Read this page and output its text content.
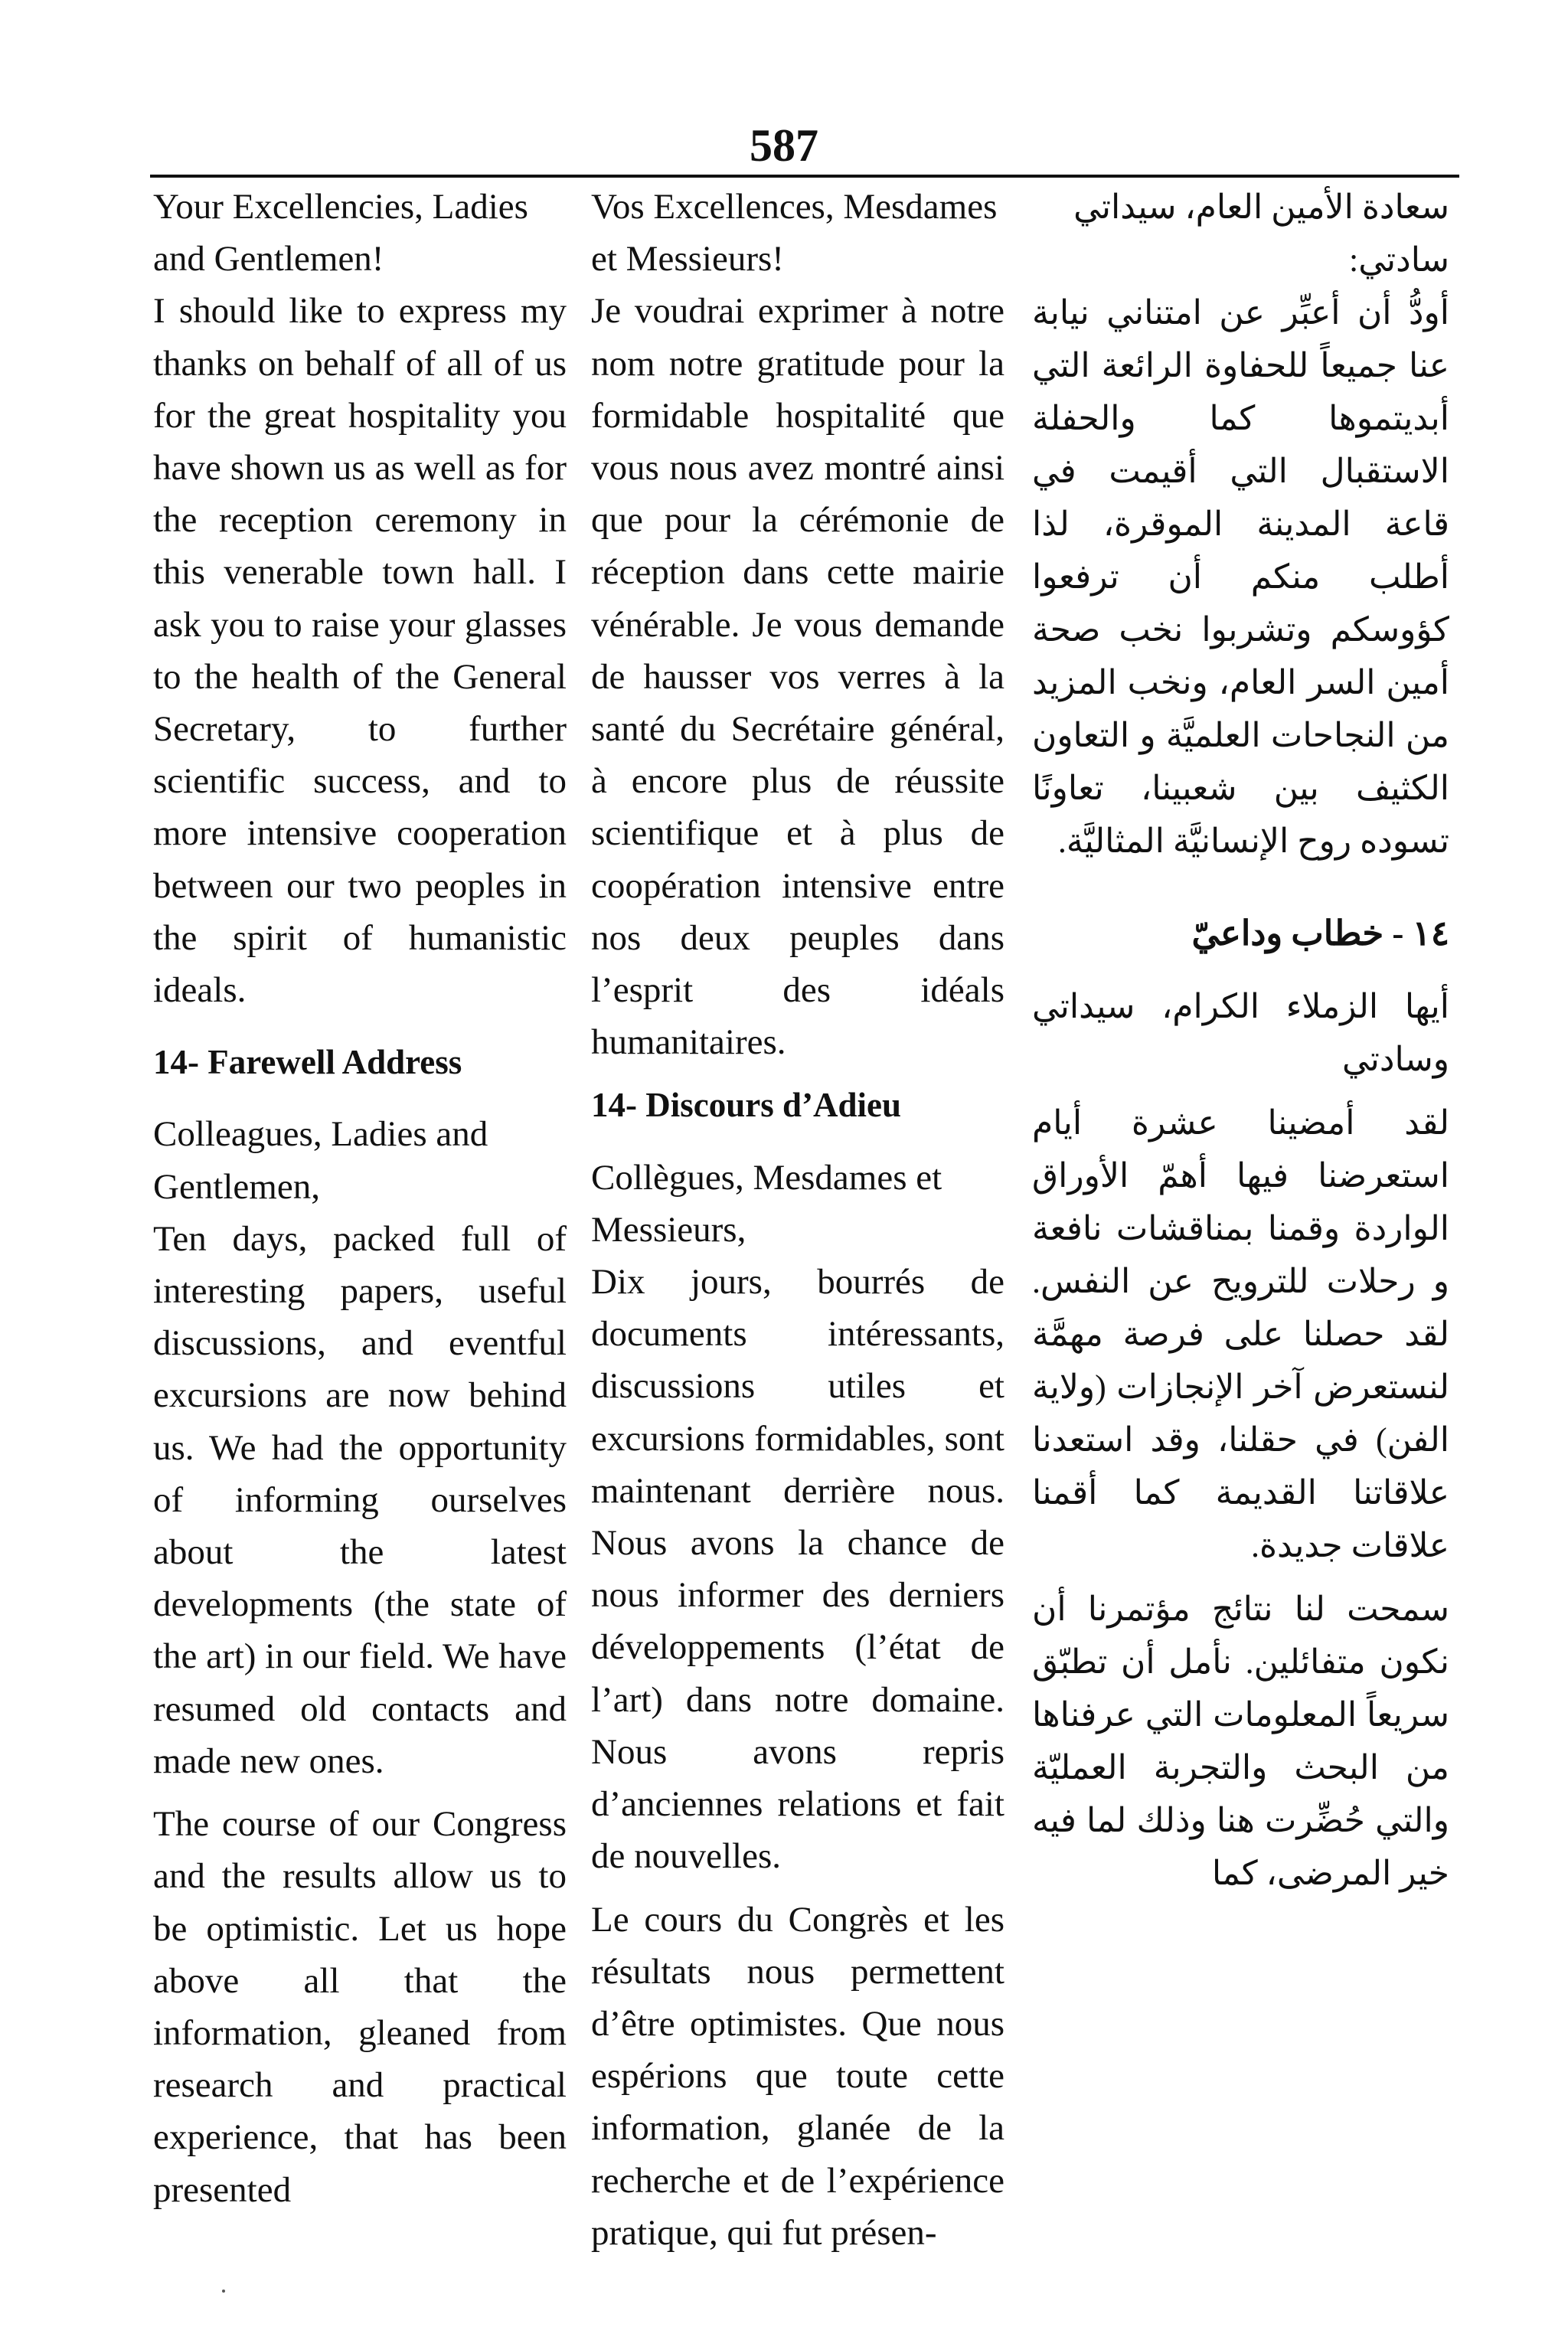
587

Your Excellencies, Ladies and Gentlemen!

I should like to express my thanks on behalf of all of us for the great hospitality you have shown us as well as for the reception ceremony in this venerable town hall. I ask you to raise your glasses to the health of the General Secretary, to further scientific success, and to more intensive cooperation between our two peoples in the spirit of humanistic ideals.

14- Farewell Address

Colleagues, Ladies and Gentlemen,

Ten days, packed full of interesting papers, useful discussions, and eventful excursions are now behind us. We had the opportunity of informing ourselves about the latest developments (the state of the art) in our field. We have resumed old contacts and made new ones.

The course of our Congress and the results allow us to be optimistic. Let us hope above all that the information, gleaned from research and practical experience, that has been presented

Vos Excellences, Mesdames et Messieurs!

Je voudrai exprimer à notre nom notre gratitude pour la formidable hospitalité que vous nous avez montré ainsi que pour la cérémonie de réception dans cette mairie vénérable. Je vous demande de hausser vos verres à la santé du Secrétaire général, à encore plus de réussite scientifique et à plus de coopération intensive entre nos deux peuples dans l’esprit des idéals humanitaires.

14- Discours d’Adieu

Collègues, Mesdames et Messieurs,

Dix jours, bourrés de documents intéressants, discussions utiles et excursions formidables, sont maintenant derrière nous. Nous avons la chance de nous informer des derniers développements (l’état de l’art) dans notre domaine. Nous avons repris d’anciennes relations et fait de nouvelles.

Le cours du Congrès et les résultats nous permettent d’être optimistes. Que nous espérions que toute cette information, glanée de la recherche et de l’expérience pratique, qui fut présen-

سعادة الأمين العام، سيداتي سادتي:

أودُّ أن أعبِّر عن امتناني نيابة عنا جميعاً للحفاوة الرائعة التي أبديتموها كما والحفلة الاستقبال التي أقيمت في قاعة المدينة الموقرة، لذا أطلب منكم أن ترفعوا كؤوسكم وتشربوا نخب صحة أمين السر العام، ونخب المزيد من النجاحات العلميَّة و التعاون الكثيف بين شعبينا، تعاونًا تسوده روح الإنسانيَّة المثاليَّة.

١٤ - خطاب وداعيّ

أيها الزملاء الكرام، سيداتي وسادتي

لقد أمضينا عشرة أيام استعرضنا فيها أهمّ الأوراق الواردة وقمنا بمناقشات نافعة و رحلات للترويح عن النفس. لقد حصلنا على فرصة مهمَّة لنستعرض آخر الإنجازات (ولاية الفن) في حقلنا، وقد استعدنا علاقاتنا القديمة كما أقمنا علاقات جديدة.

سمحت لنا نتائج مؤتمرنا أن نكون متفائلين. نأمل أن تطبّق سريعاً المعلومات التي عرفناها من البحث والتجربة العمليّة والتي حُضِّرت هنا وذلك لما فيه خير المرضى، كما
